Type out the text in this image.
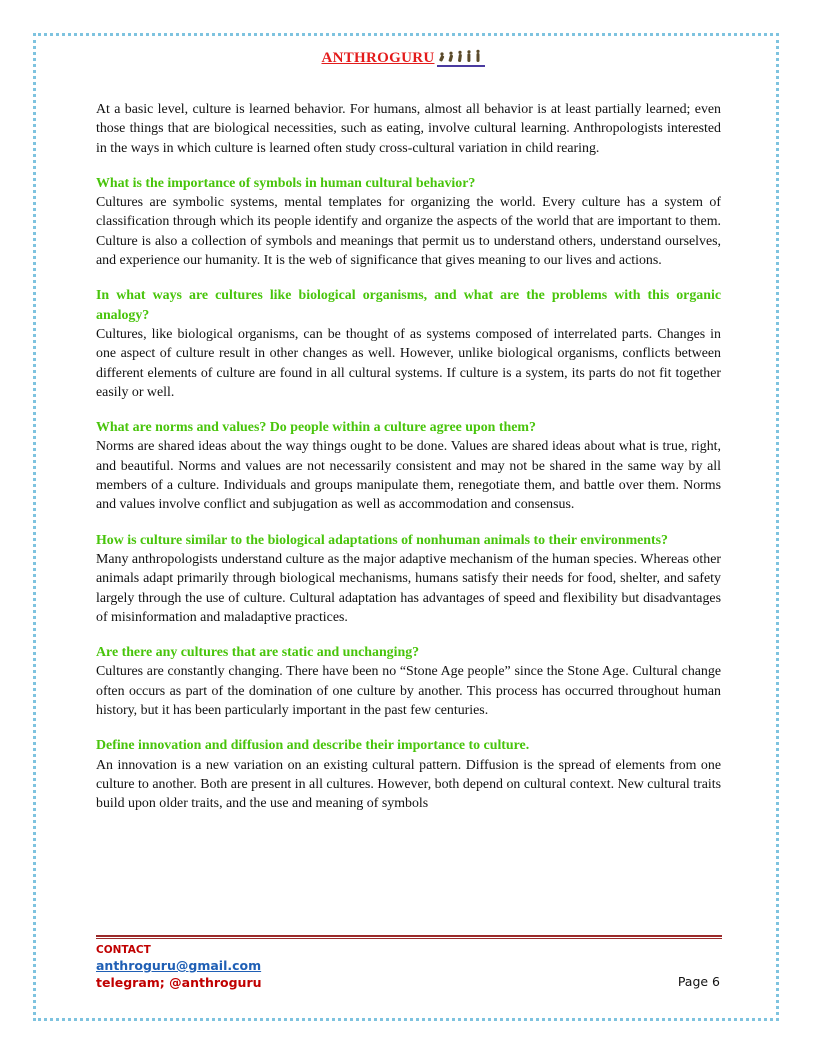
ANTHROGURU

At a basic level, culture is learned behavior. For humans, almost all behavior is at least partially learned; even those things that are biological necessities, such as eating, involve cultural learning. Anthropologists interested in the ways in which culture is learned often study cross-cultural variation in child rearing.

What is the importance of symbols in human cultural behavior?

Cultures are symbolic systems, mental templates for organizing the world. Every culture has a system of classification through which its people identify and organize the aspects of the world that are important to them. Culture is also a collection of symbols and meanings that permit us to understand others, understand ourselves, and experience our humanity. It is the web of significance that gives meaning to our lives and actions.

In what ways are cultures like biological organisms, and what are the problems with this organic analogy?

Cultures, like biological organisms, can be thought of as systems composed of interrelated parts. Changes in one aspect of culture result in other changes as well. However, unlike biological organisms, conflicts between different elements of culture are found in all cultural systems. If culture is a system, its parts do not fit together easily or well.

What are norms and values? Do people within a culture agree upon them?

Norms are shared ideas about the way things ought to be done. Values are shared ideas about what is true, right, and beautiful. Norms and values are not necessarily consistent and may not be shared in the same way by all members of a culture. Individuals and groups manipulate them, renegotiate them, and battle over them. Norms and values involve conflict and subjugation as well as accommodation and consensus.

How is culture similar to the biological adaptations of nonhuman animals to their environments?

Many anthropologists understand culture as the major adaptive mechanism of the human species. Whereas other animals adapt primarily through biological mechanisms, humans satisfy their needs for food, shelter, and safety largely through the use of culture. Cultural adaptation has advantages of speed and flexibility but disadvantages of misinformation and maladaptive practices.

Are there any cultures that are static and unchanging?

Cultures are constantly changing. There have been no “Stone Age people” since the Stone Age. Cultural change often occurs as part of the domination of one culture by another. This process has occurred throughout human history, but it has been particularly important in the past few centuries.

Define innovation and diffusion and describe their importance to culture.

An innovation is a new variation on an existing cultural pattern. Diffusion is the spread of elements from one culture to another. Both are present in all cultures. However, both depend on cultural context. New cultural traits build upon older traits, and the use and meaning of symbols

CONTACT
anthroguru@gmail.com
telegram; @anthroguru	Page 6
